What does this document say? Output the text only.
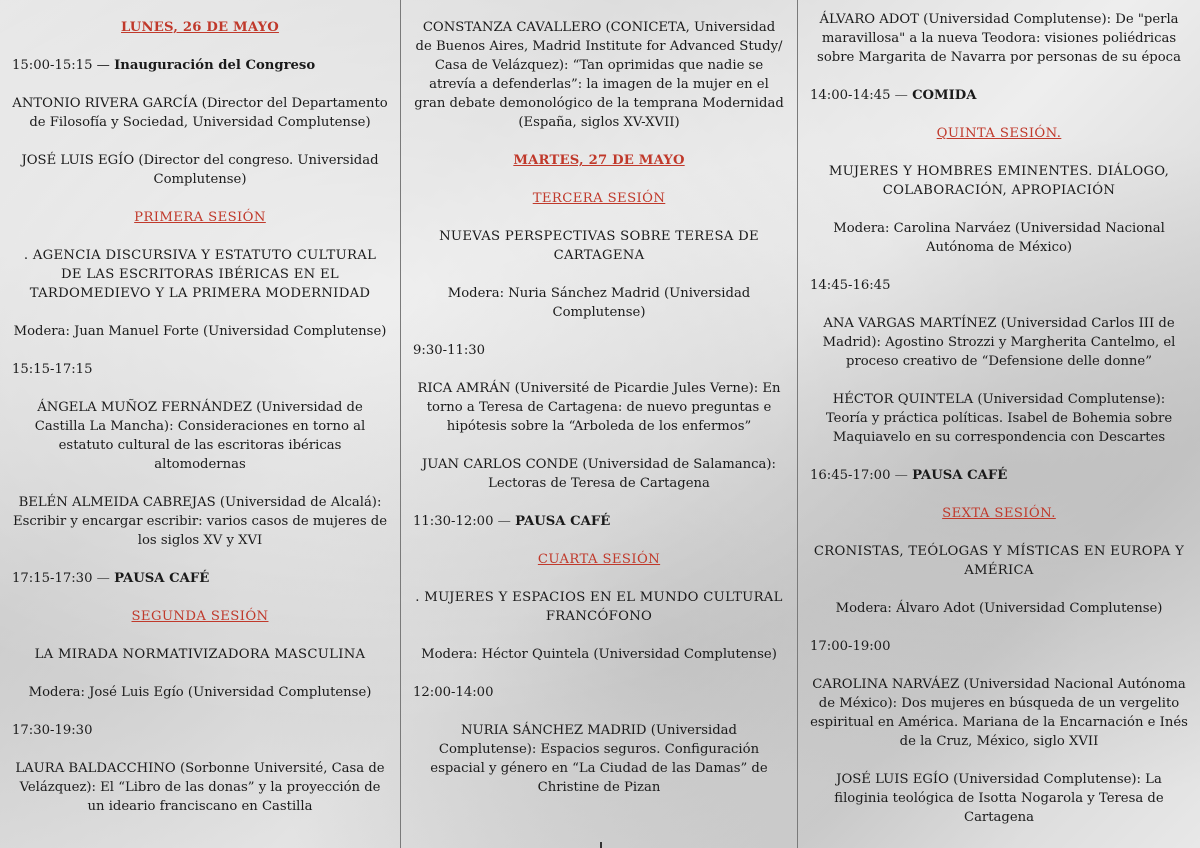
LUNES, 26 DE MAYO
15:00-15:15 — Inauguración del Congreso
ANTONIO RIVERA GARCÍA (Director del Departamento de Filosofía y Sociedad, Universidad Complutense)
JOSÉ LUIS EGÍO (Director del congreso. Universidad Complutense)
PRIMERA SESIÓN
. AGENCIA DISCURSIVA Y ESTATUTO CULTURAL DE LAS ESCRITORAS IBÉRICAS EN EL TARDOMEDIEVO Y LA PRIMERA MODERNIDAD
Modera: Juan Manuel Forte (Universidad Complutense)
15:15-17:15
ÁNGELA MUÑOZ FERNÁNDEZ (Universidad de Castilla La Mancha): Consideraciones en torno al estatuto cultural de las escritoras ibéricas altomodernas
BELÉN ALMEIDA CABREJAS (Universidad de Alcalá): Escribir y encargar escribir: varios casos de mujeres de los siglos XV y XVI
17:15-17:30 — PAUSA CAFÉ
SEGUNDA SESIÓN
LA MIRADA NORMATIVIZADORA MASCULINA
Modera: José Luis Egío (Universidad Complutense)
17:30-19:30
LAURA BALDACCHINO (Sorbonne Université, Casa de Velázquez): El “Libro de las donas” y la proyección de un ideario franciscano en Castilla
CONSTANZA CAVALLERO (CONICETA, Universidad de Buenos Aires, Madrid Institute for Advanced Study/ Casa de Velázquez): “Tan oprimidas que nadie se atrevía a defenderlas”: la imagen de la mujer en el gran debate demonológico de la temprana Modernidad (España, siglos XV-XVII)
MARTES, 27 DE MAYO
TERCERA SESIÓN
NUEVAS PERSPECTIVAS SOBRE TERESA DE CARTAGENA
Modera: Nuria Sánchez Madrid (Universidad Complutense)
9:30-11:30
RICA AMRÁN (Université de Picardie Jules Verne): En torno a Teresa de Cartagena: de nuevo preguntas e hipótesis sobre la “Arboleda de los enfermos”
JUAN CARLOS CONDE (Universidad de Salamanca): Lectoras de Teresa de Cartagena
11:30-12:00 — PAUSA CAFÉ
CUARTA SESIÓN
. MUJERES Y ESPACIOS EN EL MUNDO CULTURAL FRANCÓFONO
Modera: Héctor Quintela (Universidad Complutense)
12:00-14:00
NURIA SÁNCHEZ MADRID (Universidad Complutense): Espacios seguros. Configuración espacial y género en “La Ciudad de las Damas” de Christine de Pizan
ÁLVARO ADOT (Universidad Complutense): De "perla maravillosa" a la nueva Teodora: visiones poliédricas sobre Margarita de Navarra por personas de su época
14:00-14:45 — COMIDA
QUINTA SESIÓN.
MUJERES Y HOMBRES EMINENTES. DIÁLOGO, COLABORACIÓN, APROPIACIÓN
Modera: Carolina Narváez (Universidad Nacional Autónoma de México)
14:45-16:45
ANA VARGAS MARTÍNEZ (Universidad Carlos III de Madrid): Agostino Strozzi y Margherita Cantelmo, el proceso creativo de “Defensione delle donne”
HÉCTOR QUINTELA (Universidad Complutense): Teoría y práctica políticas. Isabel de Bohemia sobre Maquiavelo en su correspondencia con Descartes
16:45-17:00 — PAUSA CAFÉ
SEXTA SESIÓN.
CRONISTAS, TEÓLOGAS Y MÍSTICAS EN EUROPA Y AMÉRICA
Modera: Álvaro Adot (Universidad Complutense)
17:00-19:00
CAROLINA NARVÁEZ (Universidad Nacional Autónoma de México): Dos mujeres en búsqueda de un vergelito espiritual en América. Mariana de la Encarnación e Inés de la Cruz, México, siglo XVII
JOSÉ LUIS EGÍO (Universidad Complutense): La filoginia teológica de Isotta Nogarola y Teresa de Cartagena
